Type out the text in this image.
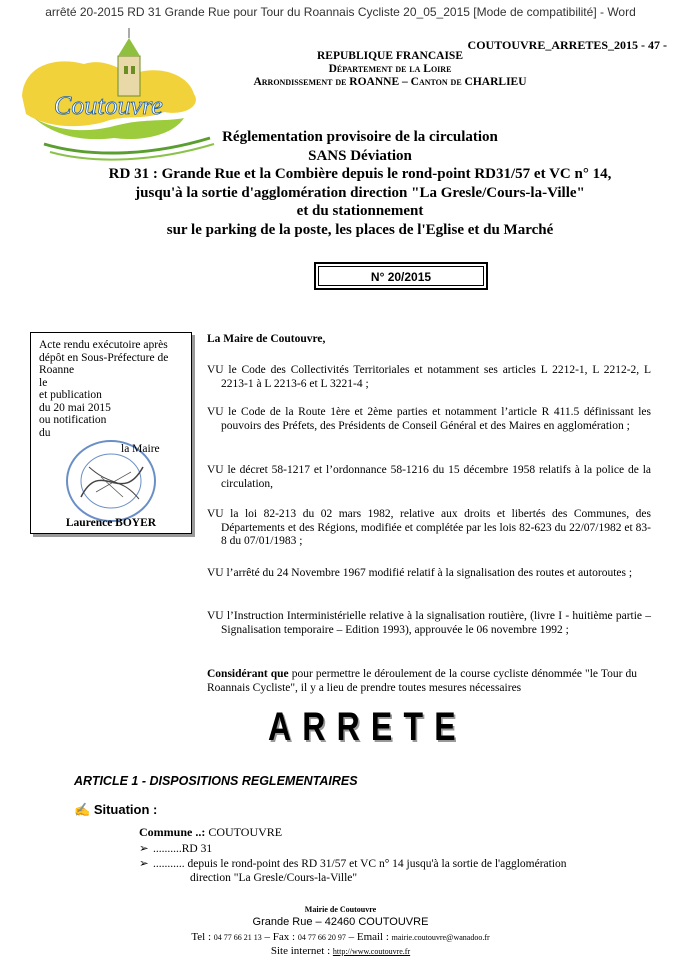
arrêté 20-2015 RD 31 Grande Rue pour Tour du Roannais Cycliste 20_05_2015 [Mode de compatibilité] - Word
Coutouvre
COUTOUVRE_ARRETES_2015 - 47 -
REPUBLIQUE FRANCAISE
Département de la Loire
Arrondissement de ROANNE – Canton de CHARLIEU
Réglementation provisoire de la circulation
SANS Déviation
RD 31 : Grande Rue et la Combière depuis le rond-point RD31/57 et VC n° 14,
jusqu'à la sortie d'agglomération direction "La Gresle/Cours-la-Ville"
et du stationnement
sur le parking de la poste, les places de l'Eglise et du Marché
N° 20/2015
Acte rendu exécutoire après
dépôt en Sous-Préfecture de
Roanne
le
et publication
du 20 mai 2015
ou notification
du
la Maire
Laurence BOYER
La Maire de Coutouvre,
VU le Code des Collectivités Territoriales et notamment ses articles L 2212-1, L 2212-2, L 2213-1 à L 2213-6 et L 3221-4 ;
VU le Code de la Route 1ère et 2ème parties et notamment l’article R 411.5 définissant les pouvoirs des Préfets, des Présidents de Conseil Général et des Maires en agglomération ;
VU le décret 58-1217 et l’ordonnance 58-1216 du 15 décembre 1958 relatifs à la police de la circulation,
VU la loi 82-213 du 02 mars 1982, relative aux droits et libertés des Communes, des Départements et des Régions, modifiée et complétée par les lois 82-623 du 22/07/1982 et 83-8 du 07/01/1983 ;
VU l’arrêté du 24 Novembre 1967 modifié relatif à la signalisation des routes et autoroutes ;
VU l’Instruction Interministérielle relative à la signalisation routière, (livre I - huitième partie – Signalisation temporaire – Edition 1993), approuvée le 06 novembre 1992 ;
Considérant que pour permettre le déroulement de la course cycliste dénommée "le Tour du Roannais Cycliste", il y a lieu de prendre toutes mesures nécessaires
ARRETE
ARTICLE 1 - DISPOSITIONS REGLEMENTAIRES
✍ Situation :
Commune ..: COUTOUVRE
➢ ..........RD 31
➢ ........... depuis le rond-point des RD 31/57 et VC n° 14 jusqu'à la sortie de l'agglomération
direction "La Gresle/Cours-la-Ville"
Mairie de Coutouvre
Grande Rue – 42460 COUTOUVRE
Tel : 04 77 66 21 13 – Fax : 04 77 66 20 97 – Email : mairie.coutouvre@wanadoo.fr
Site internet : http://www.coutouvre.fr
